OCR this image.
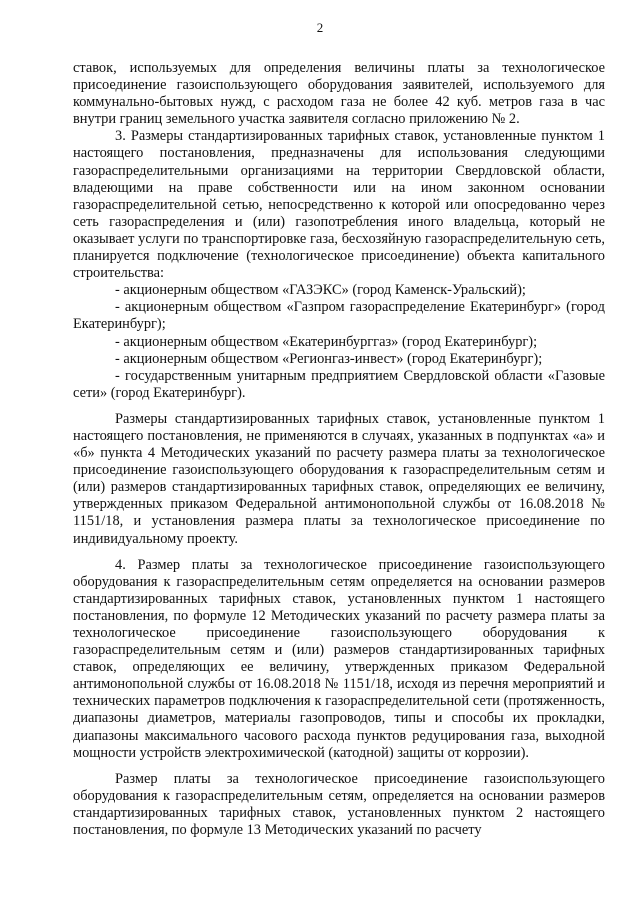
2

ставок, используемых для определения величины платы за технологическое присоединение газоиспользующего оборудования заявителей, используемого для коммунально-бытовых нужд, с расходом газа не более 42 куб. метров газа в час внутри границ земельного участка заявителя согласно приложению № 2.

3. Размеры стандартизированных тарифных ставок, установленные пунктом 1 настоящего постановления, предназначены для использования следующими газораспределительными организациями на территории Свердловской области, владеющими на праве собственности или на ином законном основании газораспределительной сетью, непосредственно к которой или опосредованно через сеть газораспределения и (или) газопотребления иного владельца, который не оказывает услуги по транспортировке газа, бесхозяйную газораспределительную сеть, планируется подключение (технологическое присоединение) объекта капитального строительства:

- акционерным обществом «ГАЗЭКС» (город Каменск-Уральский);

- акционерным обществом «Газпром газораспределение Екатеринбург» (город Екатеринбург);

- акционерным обществом «Екатеринбурггаз» (город Екатеринбург);

- акционерным обществом «Регионгаз-инвест» (город Екатеринбург);

- государственным унитарным предприятием Свердловской области «Газовые сети» (город Екатеринбург).

Размеры стандартизированных тарифных ставок, установленные пунктом 1 настоящего постановления, не применяются в случаях, указанных в подпунктах «а» и «б» пункта 4 Методических указаний по расчету размера платы за технологическое присоединение газоиспользующего оборудования к газораспределительным сетям и (или) размеров стандартизированных тарифных ставок, определяющих ее величину, утвержденных приказом Федеральной антимонопольной службы от 16.08.2018 № 1151/18, и установления размера платы за технологическое присоединение по индивидуальному проекту.

4. Размер платы за технологическое присоединение газоиспользующего оборудования к газораспределительным сетям определяется на основании размеров стандартизированных тарифных ставок, установленных пунктом 1 настоящего постановления, по формуле 12 Методических указаний по расчету размера платы за технологическое присоединение газоиспользующего оборудования к газораспределительным сетям и (или) размеров стандартизированных тарифных ставок, определяющих ее величину, утвержденных приказом Федеральной антимонопольной службы от 16.08.2018 № 1151/18, исходя из перечня мероприятий и технических параметров подключения к газораспределительной сети (протяженность, диапазоны диаметров, материалы газопроводов, типы и способы их прокладки, диапазоны максимального часового расхода пунктов редуцирования газа, выходной мощности устройств электрохимической (катодной) защиты от коррозии).

Размер платы за технологическое присоединение газоиспользующего оборудования к газораспределительным сетям, определяется на основании размеров стандартизированных тарифных ставок, установленных пунктом 2 настоящего постановления, по формуле 13 Методических указаний по расчету
